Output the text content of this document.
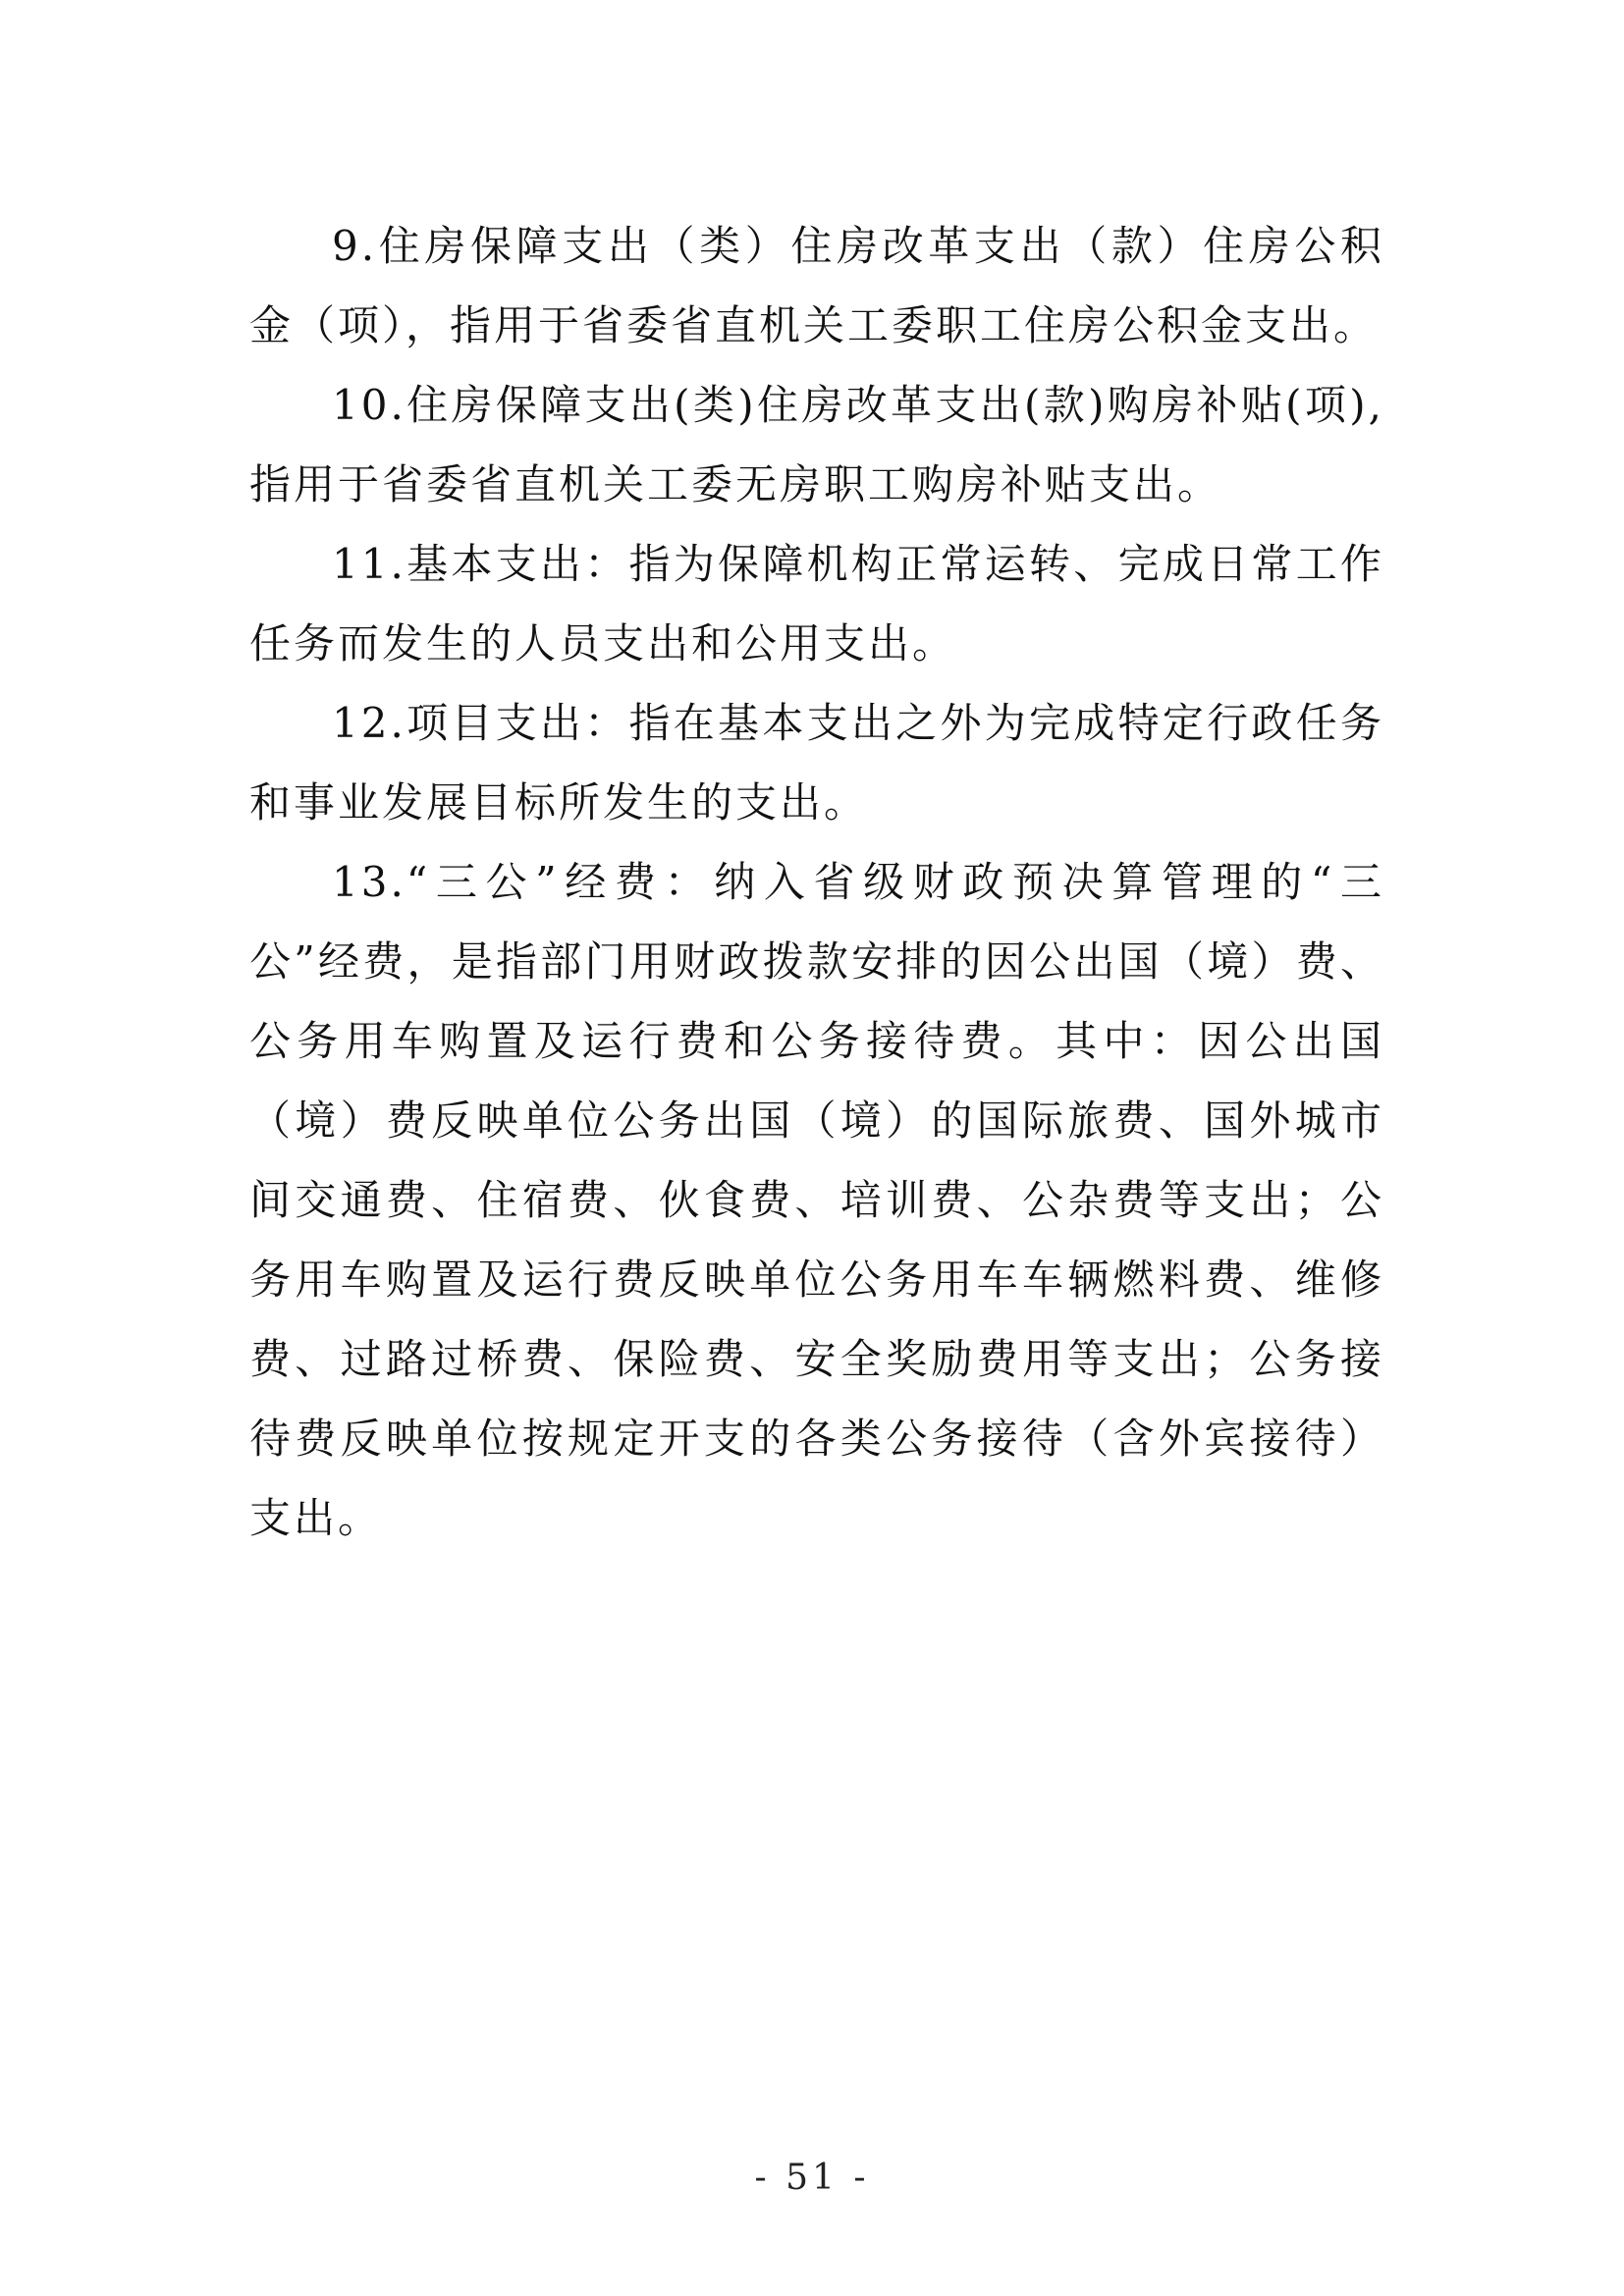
9.住房保障支出（类）住房改革支出（款）住房公积金（项），指用于省委省直机关工委职工住房公积金支出。

10.住房保障支出(类)住房改革支出(款)购房补贴(项),指用于省委省直机关工委无房职工购房补贴支出。

11.基本支出：指为保障机构正常运转、完成日常工作任务而发生的人员支出和公用支出。

12.项目支出：指在基本支出之外为完成特定行政任务和事业发展目标所发生的支出。

13.“三公”经费：纳入省级财政预决算管理的“三公”经费，是指部门用财政拨款安排的因公出国（境）费、公务用车购置及运行费和公务接待费。其中：因公出国（境）费反映单位公务出国（境）的国际旅费、国外城市间交通费、住宿费、伙食费、培训费、公杂费等支出；公务用车购置及运行费反映单位公务用车车辆燃料费、维修费、过路过桥费、保险费、安全奖励费用等支出；公务接待费反映单位按规定开支的各类公务接待（含外宾接待）支出。

- 51 -
